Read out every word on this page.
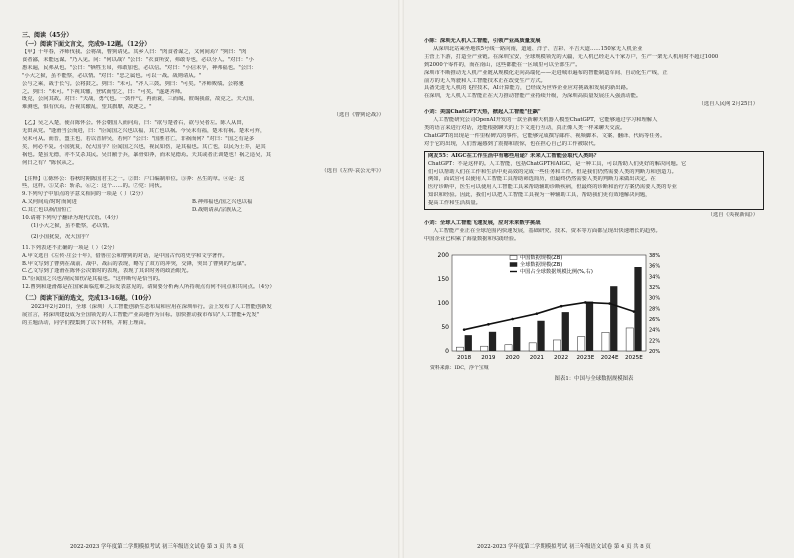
三、阅读（45分）
（一）阅读下面文言文，完成9-12题。（12分）
【甲】十年春，齐师伐我。公将战，曹刿请见。其乡人曰："肉食者谋之，又何间焉？"刿曰："肉
食者鄙，未能远谋。"乃入见。问："何以战？"公曰："衣食所安，弗敢专也，必以分人。"对曰："小
惠未遍，民弗从也。"公曰："牺牲玉帛，弗敢加也，必以信。"对曰："小信未孚，神弗福也。"公曰：
"小大之狱，虽不能察，必以情。"对曰："忠之属也。可以一战。战则请从。"
公与之乘，战于长勺。公将鼓之。刿曰："未可。"齐人三鼓。刿曰："可矣。"齐师败绩。公将驰
之。刿曰："未可。"下视其辙，登轼而望之，曰："可矣。"遂逐齐师。
既克，公问其故。对曰："夫战，勇气也。一鼓作气，再而衰，三而竭。彼竭我盈，故克之。夫大国，
难测也，惧有伏焉。吾视其辙乱，望其旗靡，故逐之。"
（选自《曹刿论战》）
【乙】吴之入楚，使召陈怀公。怀公朝国人而问焉，曰："欲与楚者右，欲与吴者左。陈人从田，
无田从党。"逢滑当公而进，曰："臣闻国之兴也以福，其亡也以祸。今吴未有福，楚未有祸。楚未可弃，
吴未可从。而晋，盟主也，若以晋辞吴，若何？"公曰："国胜君亡，非祸而何？"对曰："国之有是多
矣，何必不复。小国犹复，况大国乎？臣闻国之兴也，视民如伤，是其福也。其亡也，以民为土芥，是其
祸也。楚虽无德，亦不艾杀其民。吴日敝于兵，暴骨如莽，而未见德焉。天其或者正训楚也！祸之适吴，其
何日之有？"陈侯从之。
（选自《左传·哀公元年》）
【注释】①陈怀公：春秋时期陈国君主之一。②田：户口编制单位。③莽：丛生的草。④是：这
些，这样。⑤艾杀：斩杀。⑥之：这个……的。⑦党：同伙。
9.下列句子中加点的字意义相同的一项是（ ）（2分）
A.又何间焉/时时而间进	B.神弗福也/国之兴也以福
C.其亡也以祸/国恒亡	D.战则请从/宗族从之
10.请将下列句子翻译为现代汉语。（4分）
(1)小大之狱，虽不能察，必以情。
(2)小国犹复，况大国乎？
11.下列表述不正确的一项是（ ）（2分）
A.甲文选自《左传·庄公十年》，借鲁庄公和曹刿的对话，是中国古代的史学和文学著作。
B.甲文写到了曹刿在战前、战中、战后的表现，略写了双方的冲突，交锋，突出了曹刿的"远谋"。
C.乙文写到了逢滑在陈怀公决策时的表现，表现了其识时务的政治眼光。
D."臣闻国之兴也/视民如伤/是其福也。"这样断句是恰当的。
12.曹刿和逢滑都是在国家面临危难之际发表意见的。请简要分析两人所持观点有何不同点和共同点。（4分）
（二）阅读下面的选文，完成13-16题。（10分）
2023年2月20日，全球（深圳）人工智能创新生态布局和应用在深圳举行。会上发布了人工智能创新发
展宣言，将深圳建设成为全国领先的人工智能产业高地作为目标。加快推动我市布局"人工智能+先发"
的主题活动，同学们搜集到了以下材料，并附上理由。
2022-2023 学年度第二学期模拟考试 初三年级语文试卷 第 3 页 共 8 页
小陈：深圳无人机人工智能，引领产业高质量发展
从深圳北站乘坐地铁5号线一路向南，道通、洋子、吉彩、平吉大道……150家无人机企业
主营上下游，打造全产业链。在深圳宝安，全球规模领先的大疆，无人机已经走入千家万户，生产一架无人机用时不超过1000
到2000个零件的，而在南山，这些都能在一区域里可以全部生产。
深圳市不断推动无人机产业链从规模化走向高端化——走进城市遍布的智能制造车间、自动化生产线，正
前方的无人驾驶和人工智能技术正在改变生产方式。
具备先进无人机的飞控技术，AI计算能力，已经成为世界企业应对挑战和发展的新出路。
在深圳，无人机人工智能正在大力推动智能产业持续升级，为深圳高质量发展注入强劲动能。
（选自人民网 2月25日）
小刘：美国ChatGPT大热，掀起人工智能"狂飙"
人工智能研究公司OpenAI开发的一款全新聊天机器人模型ChatGPT，它能够通过学习和理解人
类的语言来进行对话，还能根据聊天的上下文进行互动，真正像人类一样来聊天交流。
ChatGPT的出现是一件里程碑式的事件，它能够完成撰写邮件、视频脚本、文案、翻译、代码等任务。
对于它的出现，人们普遍感到了震撼和震惊，也在担心自己的工作被取代。
网友55：AIGC在工作生活中有哪些用途？未来人工智能会取代人类吗？
ChatGPT：不是这样的。人工智能，包括ChatGPT和AIGC，是一种工具，可以帮助人们更好的解决问题。它
们可以帮助人们在工作和生活中更高效的完成一些任务和工作。但是我们仍然需要人类的判断力和创造力。
例如，面试官可以使用人工智能工具帮助筛选简历，但最终仍然需要人类的判断力来做出决定。在
医疗诊断中，医生可以使用人工智能工具来帮助辅助诊断疾病，但最终的诊断和治疗方案仍需要人类的专业
知识和经验。因此，我们可以把人工智能工具视为一种辅助工具，帮助我们更有效地解决问题，
提高工作和生活质量。
（选自《央视新闻》）
小刘：全球人工智能飞速发展，应对未来数字挑战
人工智能产业正在全球范围内快速发展，基础研究、技术、资本等方面都呈现出快速增长的趋势。
中国企业已积累了海量数据和实践经验。
0
50
100
150
200
20%
22%
24%
26%
28%
30%
32%
34%
36%
38%
2018 2019 2020 2021 2022 2023E 2024E 2025E
中国数据规模(ZB)
全球数据规模(ZB)
中国占全球数据规模比例(%,右)
资料来源：IDC，浮个宝城
图表1：中国与全球数据规模图表
2022-2023 学年度第二学期模拟考试 初三年级语文试卷 第 4 页 共 8 页
